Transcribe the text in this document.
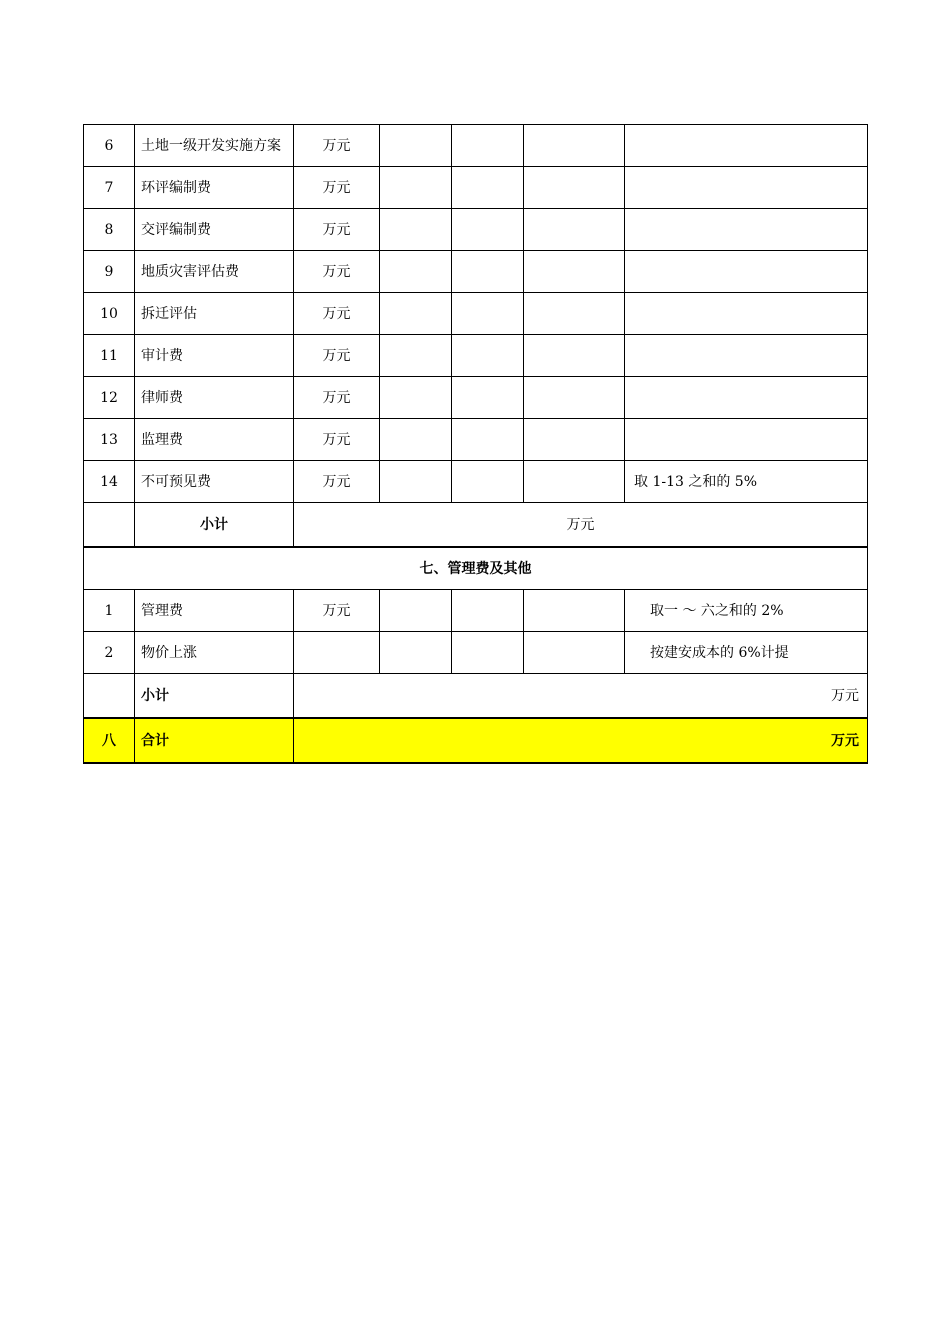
6	土地一级开发实施方案	万元				
7	环评编制费	万元				
8	交评编制费	万元				
9	地质灾害评估费	万元				
10	拆迁评估	万元				
11	审计费	万元				
12	律师费	万元				
13	监理费	万元				
14	不可预见费	万元				取 1-13 之和的 5%
	小计	万元				
七、管理费及其他						
1	管理费	万元				取一 ～ 六之和的 2%
2	物价上涨					按建安成本的 6%计提
	小计	万元				
八	合计	万元				
